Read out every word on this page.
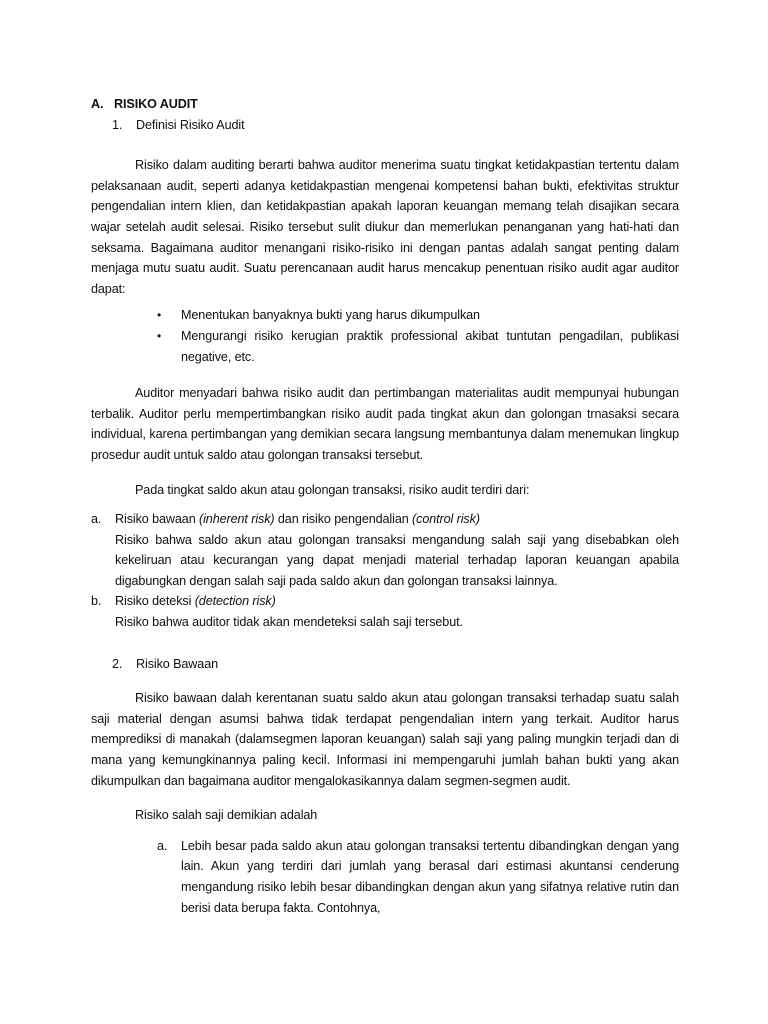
A. RISIKO AUDIT
1.	Definisi Risiko Audit

Risiko dalam auditing berarti bahwa auditor menerima suatu tingkat ketidakpastian tertentu dalam pelaksanaan audit, seperti adanya ketidakpastian mengenai kompetensi bahan bukti, efektivitas struktur pengendalian intern klien, dan ketidakpastian apakah laporan keuangan memang telah disajikan secara wajar setelah audit selesai. Risiko tersebut sulit diukur dan memerlukan penanganan yang hati-hati dan seksama. Bagaimana auditor menangani risiko-risiko ini dengan pantas adalah sangat penting dalam menjaga mutu suatu audit. Suatu perencanaan audit harus mencakup penentuan risiko audit agar auditor dapat:

• Menentukan banyaknya bukti yang harus dikumpulkan
• Mengurangi risiko kerugian praktik professional akibat tuntutan pengadilan, publikasi negative, etc.

Auditor menyadari bahwa risiko audit dan pertimbangan materialitas audit mempunyai hubungan terbalik. Auditor perlu mempertimbangkan risiko audit pada tingkat akun dan golongan trnasaksi secara individual, karena pertimbangan yang demikian secara langsung membantunya dalam menemukan lingkup prosedur audit untuk saldo atau golongan transaksi tersebut.

Pada tingkat saldo akun atau golongan transaksi, risiko audit terdiri dari:

a.	Risiko bawaan (inherent risk) dan risiko pengendalian (control risk)

Risiko bahwa saldo akun atau golongan transaksi mengandung salah saji yang disebabkan oleh kekeliruan atau kecurangan yang dapat menjadi material terhadap laporan keuangan apabila digabungkan dengan salah saji pada saldo akun dan golongan transaksi lainnya.

b.	Risiko deteksi (detection risk)

Risiko bahwa auditor tidak akan mendeteksi salah saji tersebut.

2.	Risiko Bawaan

Risiko bawaan dalah kerentanan suatu saldo akun atau golongan transaksi terhadap suatu salah saji material dengan asumsi bahwa tidak terdapat pengendalian intern yang terkait. Auditor harus memprediksi di manakah (dalamsegmen laporan keuangan) salah saji yang paling mungkin terjadi dan di mana yang kemungkinannya paling kecil. Informasi ini mempengaruhi jumlah bahan bukti yang akan dikumpulkan dan bagaimana auditor mengalokasikannya dalam segmen-segmen audit.

Risiko salah saji demikian adalah

a.	Lebih besar pada saldo akun atau golongan transaksi tertentu dibandingkan dengan yang lain. Akun yang terdiri dari jumlah yang berasal dari estimasi akuntansi cenderung mengandung risiko lebih besar dibandingkan dengan akun yang sifatnya relative rutin dan berisi data berupa fakta. Contohnya,
